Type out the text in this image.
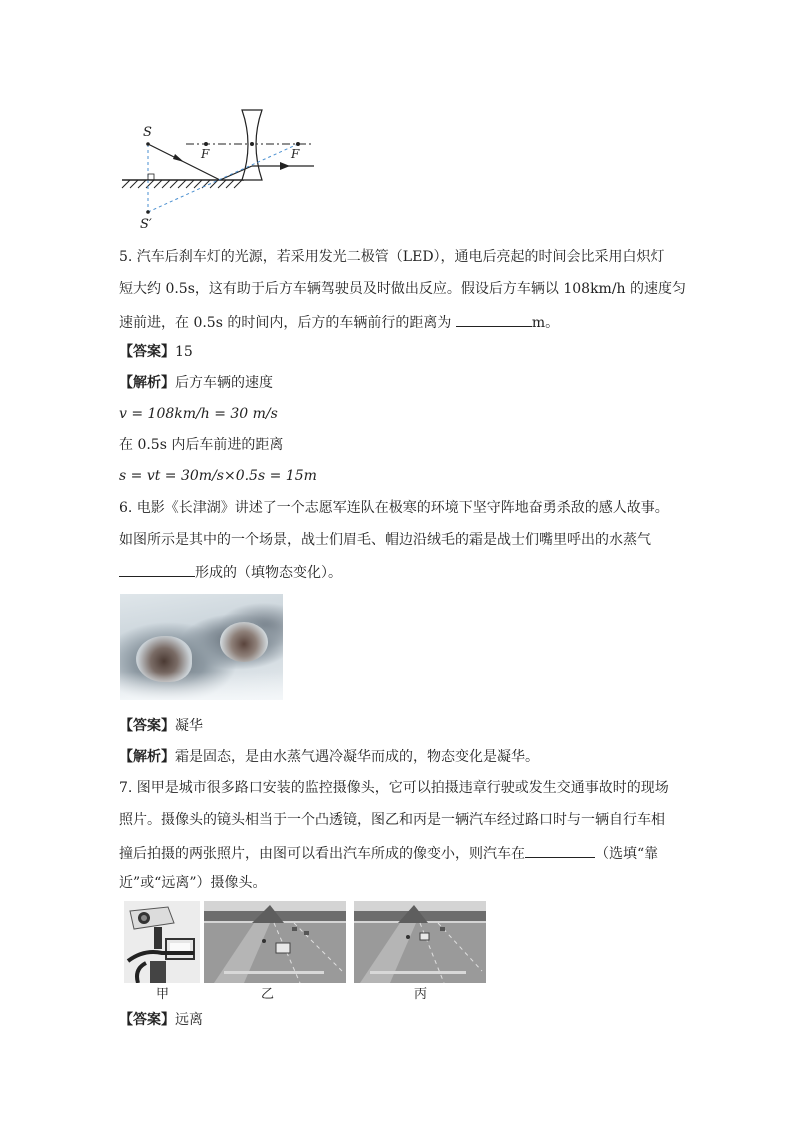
S
F	F
S′
5. 汽车后刹车灯的光源，若采用发光二极管（LED），通电后亮起的时间会比采用白炽灯
短大约 0.5s，这有助于后方车辆驾驶员及时做出反应。假设后方车辆以 108km/h 的速度匀
速前进，在 0.5s 的时间内，后方的车辆前行的距离为	m。
【答案】15
【解析】后方车辆的速度
v = 108km/h = 30 m/s
在 0.5s 内后车前进的距离
s = vt = 30m/s×0.5s = 15m
6. 电影《长津湖》讲述了一个志愿军连队在极寒的环境下坚守阵地奋勇杀敌的感人故事。
如图所示是其中的一个场景，战士们眉毛、帽边沿绒毛的霜是战士们嘴里呼出的水蒸气
形成的（填物态变化）。
【答案】凝华
【解析】霜是固态，是由水蒸气遇冷凝华而成的，物态变化是凝华。
7. 图甲是城市很多路口安装的监控摄像头，它可以拍摄违章行驶或发生交通事故时的现场
照片。摄像头的镜头相当于一个凸透镜，图乙和丙是一辆汽车经过路口时与一辆自行车相
撞后拍摄的两张照片，由图可以看出汽车所成的像变小，则汽车在	（选填“靠
近”或“远离”）摄像头。
甲	乙	丙
【答案】远离
